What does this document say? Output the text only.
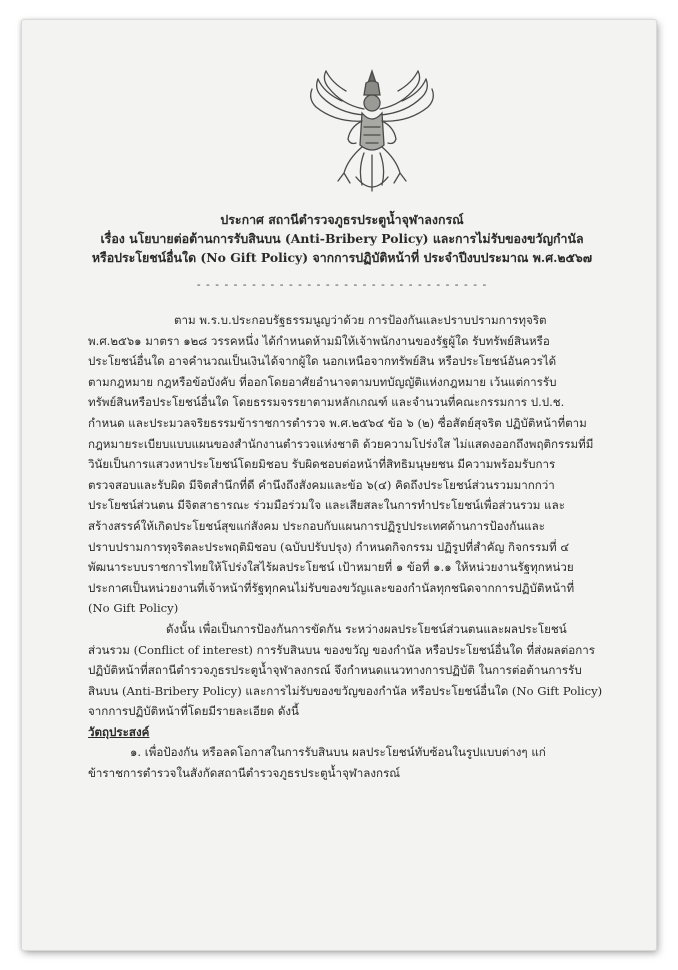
ประกาศ สถานีตำรวจภูธรประตูน้ำจุฬาลงกรณ์
เรื่อง นโยบายต่อต้านการรับสินบน (Anti-Bribery Policy) และการไม่รับของขวัญกำนัล
หรือประโยชน์อื่นใด (No Gift Policy) จากการปฏิบัติหน้าที่ ประจำปีงบประมาณ พ.ศ.๒๕๖๗
- - - - - - - - - - - - - - - - - - - - - - - - - - - - - - - -
ตาม พ.ร.บ.ประกอบรัฐธรรมนูญว่าด้วย การป้องกันและปราบปรามการทุจริต
พ.ศ.๒๕๖๑ มาตรา ๑๒๘ วรรคหนึ่ง ได้กำหนดห้ามมิให้เจ้าพนักงานของรัฐผู้ใด รับทรัพย์สินหรือ
ประโยชน์อื่นใด อาจคำนวณเป็นเงินได้จากผู้ใด นอกเหนือจากทรัพย์สิน หรือประโยชน์อันควรได้
ตามกฎหมาย กฎหรือข้อบังคับ ที่ออกโดยอาศัยอำนาจตามบทบัญญัติแห่งกฎหมาย เว้นแต่การรับ
ทรัพย์สินหรือประโยชน์อื่นใด โดยธรรมจรรยาตามหลักเกณฑ์ และจำนวนที่คณะกรรมการ ป.ป.ช.
กำหนด และประมวลจริยธรรมข้าราชการตำรวจ พ.ศ.๒๕๖๔ ข้อ ๖ (๒) ซื่อสัตย์สุจริต ปฏิบัติหน้าที่ตาม
กฎหมายระเบียบแบบแผนของสำนักงานตำรวจแห่งชาติ ด้วยความโปร่งใส ไม่แสดงออกถึงพฤติกรรมที่มี
วินัยเป็นการแสวงหาประโยชน์โดยมิชอบ รับผิดชอบต่อหน้าที่สิทธิมนุษยชน มีความพร้อมรับการ
ตรวจสอบและรับผิด มีจิตสำนึกที่ดี คำนึงถึงสังคมและข้อ ๖(๔) คิดถึงประโยชน์ส่วนรวมมากกว่า
ประโยชน์ส่วนตน มีจิตสาธารณะ ร่วมมือร่วมใจ และเสียสละในการทำประโยชน์เพื่อส่วนรวม และ
สร้างสรรค์ให้เกิดประโยชน์สุขแก่สังคม ประกอบกับแผนการปฏิรูปประเทศด้านการป้องกันและ
ปราบปรามการทุจริตละประพฤติมิชอบ (ฉบับปรับปรุง) กำหนดกิจกรรม ปฏิรูปที่สำคัญ กิจกรรมที่ ๔
พัฒนาระบบราชการไทยให้โปร่งใสไร้ผลประโยชน์ เป้าหมายที่ ๑ ข้อที่ ๑.๑ ให้หน่วยงานรัฐทุกหน่วย
ประกาศเป็นหน่วยงานที่เจ้าหน้าที่รัฐทุกคนไม่รับของขวัญและของกำนัลทุกชนิดจากการปฏิบัติหน้าที่
(No Gift Policy)
ดังนั้น เพื่อเป็นการป้องกันการขัดกัน ระหว่างผลประโยชน์ส่วนตนและผลประโยชน์
ส่วนรวม (Conflict of interest) การรับสินบน ของขวัญ ของกำนัล หรือประโยชน์อื่นใด ที่ส่งผลต่อการ
ปฏิบัติหน้าที่สถานีตำรวจภูธรประตูน้ำจุฬาลงกรณ์ จึงกำหนดแนวทางการปฏิบัติ ในการต่อต้านการรับ
สินบน (Anti-Bribery Policy) และการไม่รับของขวัญของกำนัล หรือประโยชน์อื่นใด (No Gift Policy)
จากการปฏิบัติหน้าที่โดยมีรายละเอียด ดังนี้
วัตถุประสงค์
๑. เพื่อป้องกัน หรือลดโอกาสในการรับสินบน ผลประโยชน์ทับซ้อนในรูปแบบต่างๆ แก่
ข้าราชการตำรวจในสังกัดสถานีตำรวจภูธรประตูน้ำจุฬาลงกรณ์
